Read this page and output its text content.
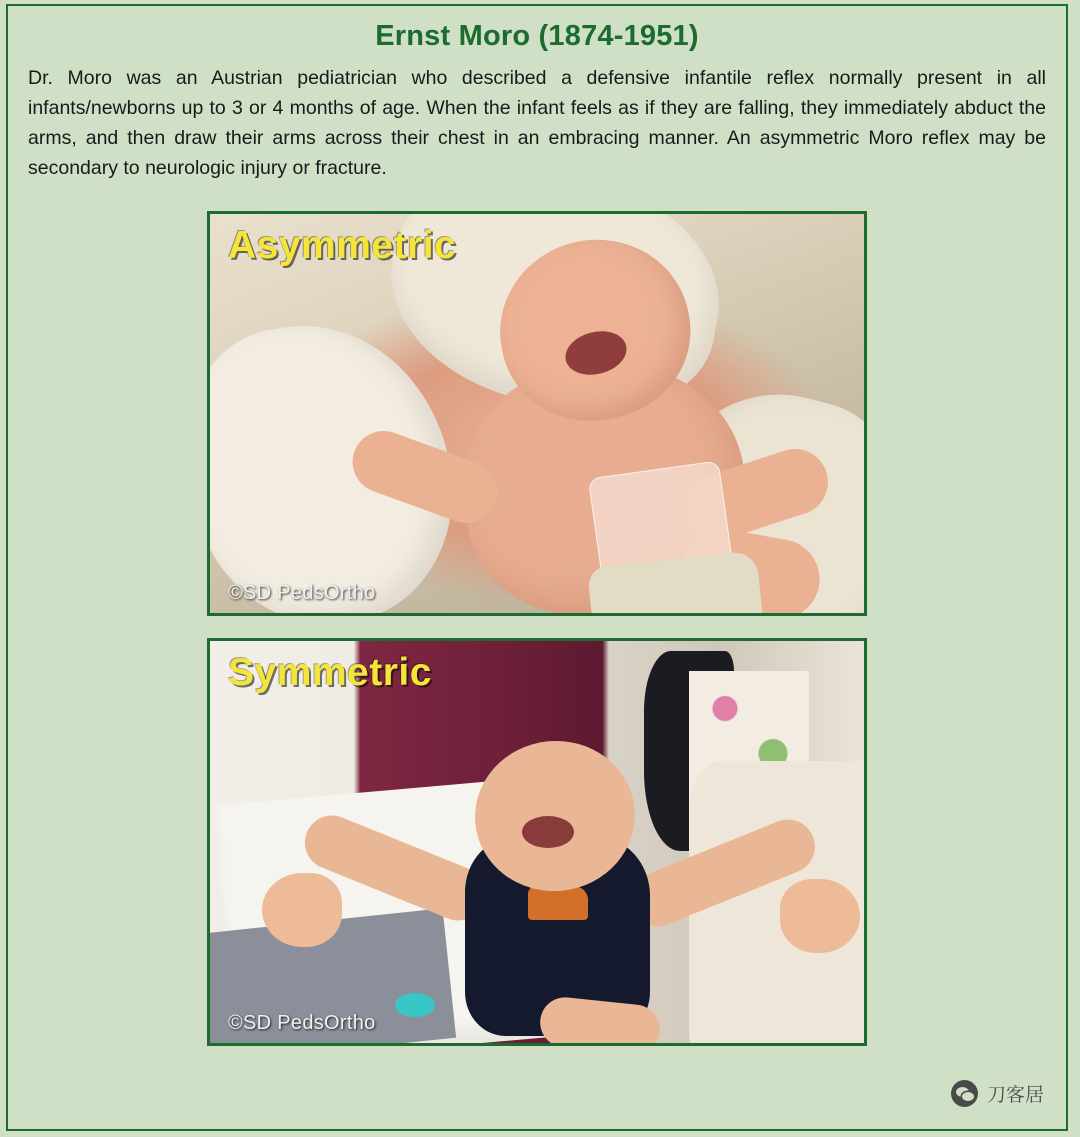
Ernst Moro (1874-1951)
Dr. Moro was an Austrian pediatrician who described a defensive infantile reflex normally present in all infants/newborns up to 3 or 4 months of age. When the infant feels as if they are falling, they immediately abduct the arms, and then draw their arms across their chest in an embracing manner. An asymmetric Moro reflex may be secondary to neurologic injury or fracture.
Asymmetric
©SD PedsOrtho
Symmetric
©SD PedsOrtho
刀客居
